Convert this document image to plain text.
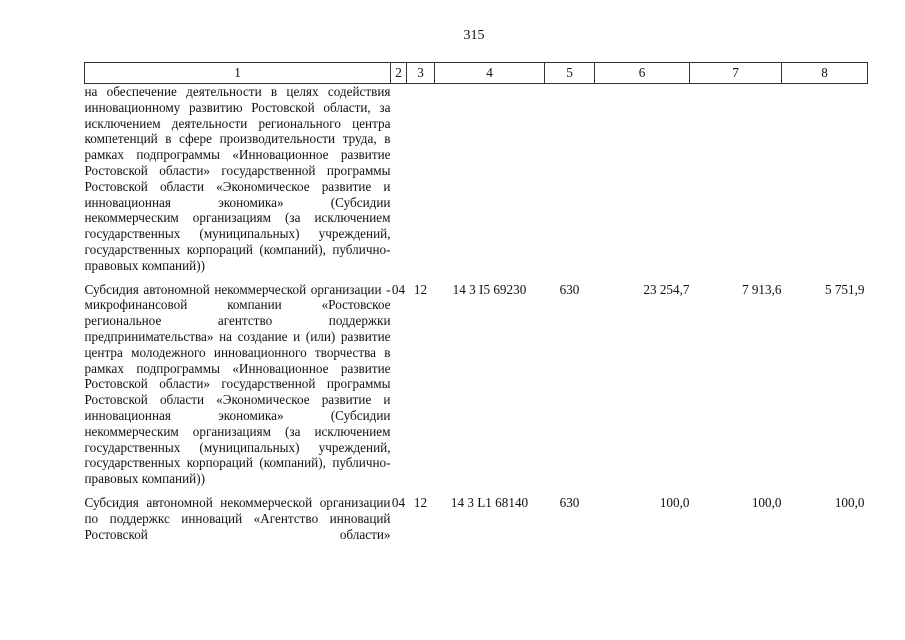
315
1	2	3	4	5	6	7	8
на обеспечение деятельности в целях содействия инновационному развитию Ростовской области, за исключением деятельности регионального центра компетенций в сфере производительности труда, в рамках подпрограммы «Инновационное развитие Ростовской области» государственной программы Ростовской области «Экономическое развитие и инновационная экономика» (Субсидии некоммерческим организациям (за исключением государственных (муниципальных) учреждений, государственных корпораций (компаний), публично-правовых компаний))							
Субсидия автономной некоммерческой организации - микрофинансовой компании «Ростовское региональное агентство поддержки предпринимательства» на создание и (или) развитие центра молодежного инновационного творчества в рамках подпрограммы «Инновационное развитие Ростовской области» государственной программы Ростовской области «Экономическое развитие и инновационная экономика» (Субсидии некоммерческим организациям (за исключением государственных (муниципальных) учреждений, государственных корпораций (компаний), публично-правовых компаний))	04	12	14 3 I5 69230	630	23 254,7	7 913,6	5 751,9
Субсидия автономной некоммерческой организации по поддержкс инноваций «Агентство инноваций Ростовской области»	04	12	14 3 L1 68140	630	100,0	100,0	100,0
